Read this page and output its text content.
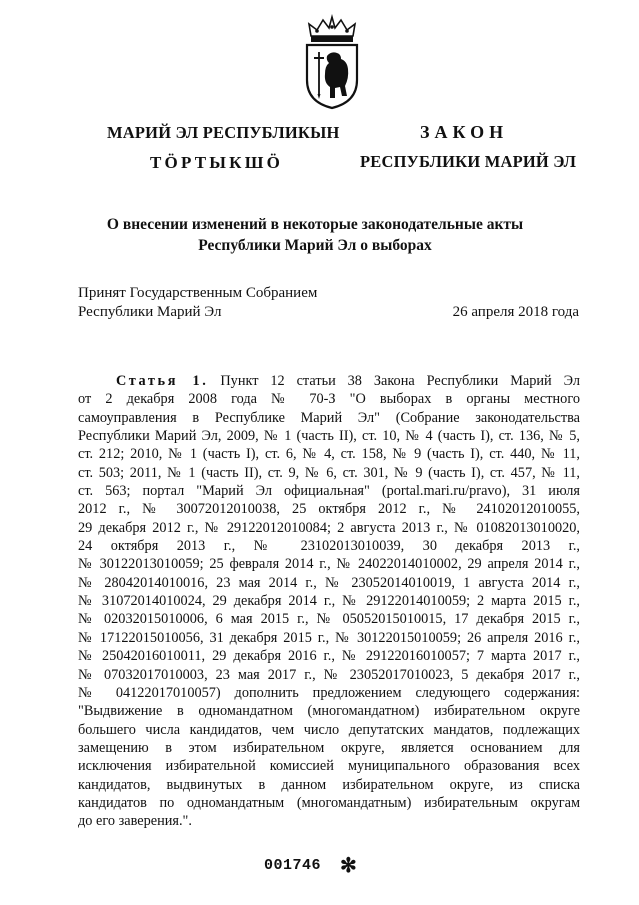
МАРИЙ ЭЛ РЕСПУБЛИКЫН
ТӦРТЫКШӦ
ЗАКОН
РЕСПУБЛИКИ МАРИЙ ЭЛ
О внесении изменений в некоторые законодательные акты
Республики Марий Эл о выборах
Принят Государственным Собранием
Республики Марий Эл	26 апреля 2018 года
Статья 1. Пункт 12 статьи 38 Закона Республики Марий Эл
от 2 декабря 2008 года № 70-З "О выборах в органы местного
самоуправления в Республике Марий Эл" (Собрание законодательства
Республики Марий Эл, 2009, № 1 (часть II), ст. 10, № 4 (часть I), ст. 136, № 5,
ст. 212; 2010, № 1 (часть I), ст. 6, № 4, ст. 158, № 9 (часть I), ст. 440, № 11,
ст. 503; 2011, № 1 (часть II), ст. 9, № 6, ст. 301, № 9 (часть I), ст. 457, № 11,
ст. 563; портал "Марий Эл официальная" (portal.mari.ru/pravo), 31 июля
2012 г., № 30072012010038, 25 октября 2012 г., № 24102012010055,
29 декабря 2012 г., № 29122012010084; 2 августа 2013 г., № 01082013010020,
24 октября 2013 г., № 23102013010039, 30 декабря 2013 г.,
№ 30122013010059; 25 февраля 2014 г., № 24022014010002, 29 апреля 2014 г.,
№ 28042014010016, 23 мая 2014 г., № 23052014010019, 1 августа 2014 г.,
№ 31072014010024, 29 декабря 2014 г., № 29122014010059; 2 марта 2015 г.,
№ 02032015010006, 6 мая 2015 г., № 05052015010015, 17 декабря 2015 г.,
№ 17122015010056, 31 декабря 2015 г., № 30122015010059; 26 апреля 2016 г.,
№ 25042016010011, 29 декабря 2016 г., № 29122016010057; 7 марта 2017 г.,
№ 07032017010003, 23 мая 2017 г., № 23052017010023, 5 декабря 2017 г.,
№ 04122017010057) дополнить предложением следующего содержания:
"Выдвижение в одномандатном (многомандатном) избирательном округе
большего числа кандидатов, чем число депутатских мандатов, подлежащих
замещению в этом избирательном округе, является основанием для
исключения избирательной комиссией муниципального образования всех
кандидатов, выдвинутых в данном избирательном округе, из списка
кандидатов по одномандатным (многомандатным) избирательным округам
до его заверения.".
001746 ✻
